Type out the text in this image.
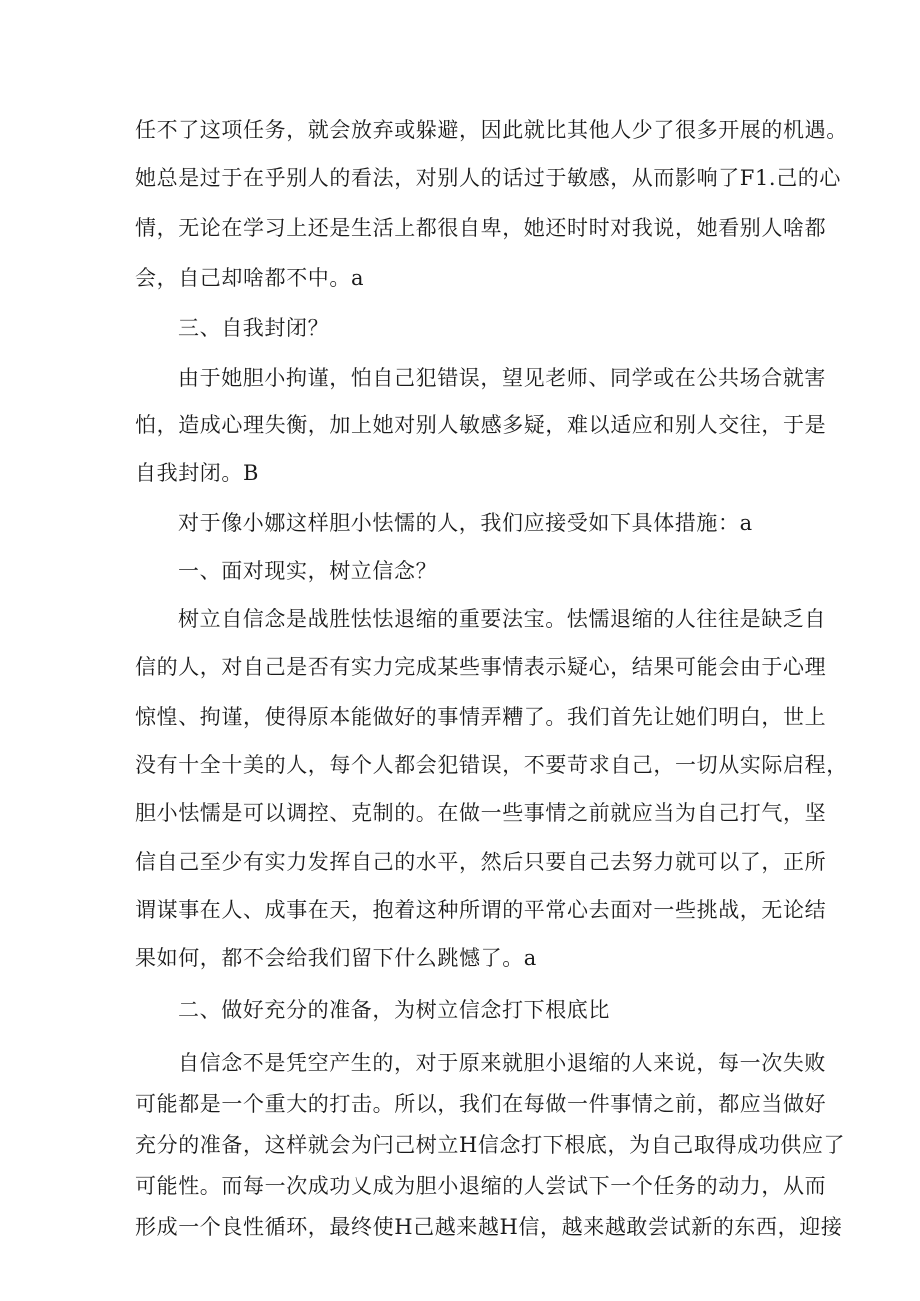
任不了这项任务，就会放弃或躲避，因此就比其他人少了很多开展的机遇。
她总是过于在乎别人的看法，对别人的话过于敏感，从而影响了F1.己的心
情，无论在学习上还是生活上都很自卑，她还时时对我说，她看别人啥都
会，自己却啥都不中。a
三、自我封闭？
由于她胆小拘谨，怕自己犯错误，望见老师、同学或在公共场合就害
怕，造成心理失衡，加上她对别人敏感多疑，难以适应和别人交往，于是
自我封闭。B
对于像小娜这样胆小怯懦的人，我们应接受如下具体措施：a
一、面对现实，树立信念？
树立自信念是战胜怯怯退缩的重要法宝。怯懦退缩的人往往是缺乏自
信的人，对自己是否有实力完成某些事情表示疑心，结果可能会由于心理
惊惶、拘谨，使得原本能做好的事情弄糟了。我们首先让她们明白，世上
没有十全十美的人，每个人都会犯错误，不要苛求自己，一切从实际启程，
胆小怯懦是可以调控、克制的。在做一些事情之前就应当为自己打气，坚
信自己至少有实力发挥自己的水平，然后只要自己去努力就可以了，正所
谓谋事在人、成事在天，抱着这种所谓的平常心去面对一些挑战，无论结
果如何，都不会给我们留下什么跳憾了。a
二、做好充分的准备，为树立信念打下根底比
自信念不是凭空产生的，对于原来就胆小退缩的人来说，每一次失败
可能都是一个重大的打击。所以，我们在每做一件事情之前，都应当做好
充分的准备，这样就会为闩己树立H信念打下根底，为自己取得成功供应了
可能性。而每一次成功乂成为胆小退缩的人尝试下一个任务的动力，从而
形成一个良性循环，最终使H己越来越H信，越来越敢尝试新的东西，迎接
